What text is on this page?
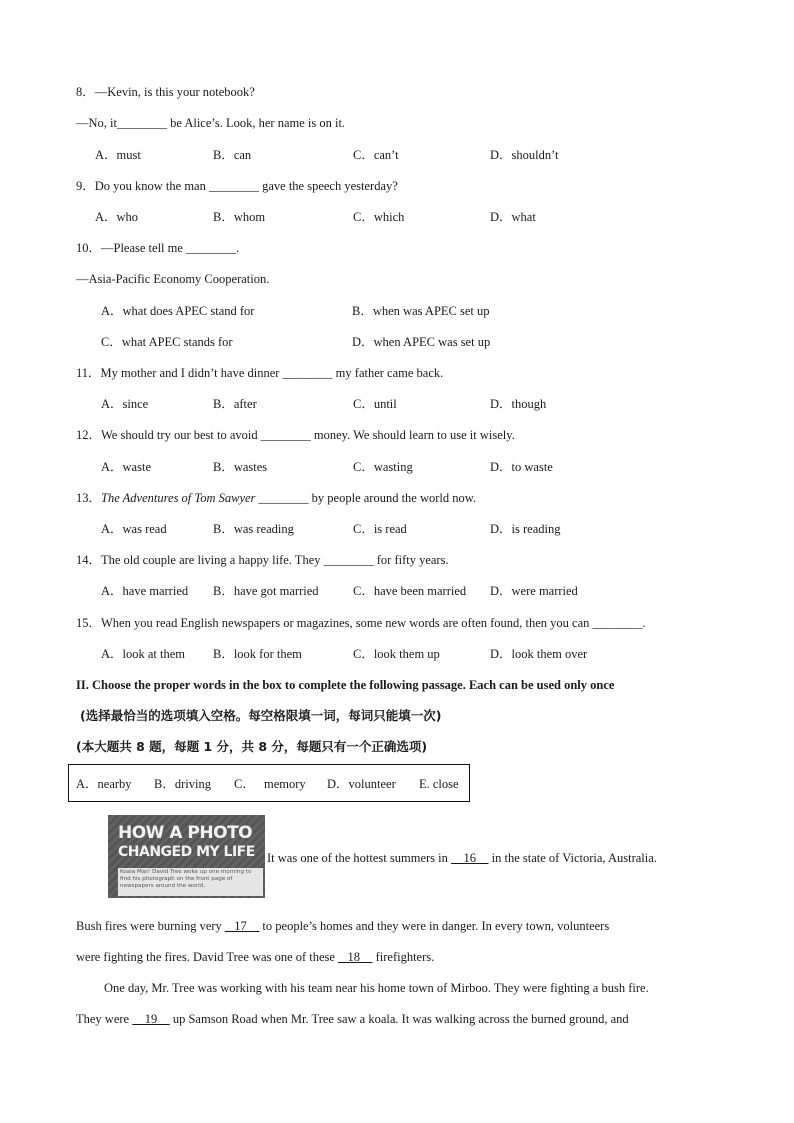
8．—Kevin, is this your notebook?
—No, it________ be Alice’s. Look, her name is on it.
A．must	B．can	C．can’t	D．shouldn’t
9．Do you know the man ________ gave the speech yesterday?
A．who	B．whom	C．which	D．what
10．—Please tell me ________.
—Asia-Pacific Economy Cooperation.
A．what does APEC stand for	B．when was APEC set up
C．what APEC stands for	D．when APEC was set up
11．My mother and I didn’t have dinner ________ my father came back.
A．since	B．after	C．until	D．though
12．We should try our best to avoid ________ money. We should learn to use it wisely.
A．waste	B．wastes	C．wasting	D．to waste
13．The Adventures of Tom Sawyer ________ by people around the world now.
A．was read	B．was reading	C．is read	D．is reading
14．The old couple are living a happy life. They ________ for fifty years.
A．have married B．have got married	C．have been married D．were married
15．When you read English newspapers or magazines, some new words are often found, then you can ________.
A．look at them B．look for them	C．look them up	D．look them over
II. Choose the proper words in the box to complete the following passage. Each can be used only once
(选择最恰当的选项填入空格。每空格限填一词，每词只能填一次)
(本大题共 8 题，每题 1 分，共 8 分，每题只有一个正确选项)
A．nearby B．driving C． memory D．volunteer E. close
HOW A PHOTO
CHANGED MY LIFE
Koala Man' David Tree woke up one morning to find his photograph on the front page of newspapers around the world.
It was one of the hottest summers in     16     in the state of Victoria, Australia.
Bush fires were burning very    17     to people’s homes and they were in danger. In every town, volunteers
were fighting the fires. David Tree was one of these    18     firefighters.
One day, Mr. Tree was working with his team near his home town of Mirboo. They were fighting a bush fire.
They were     19     up Samson Road when Mr. Tree saw a koala. It was walking across the burned ground, and
